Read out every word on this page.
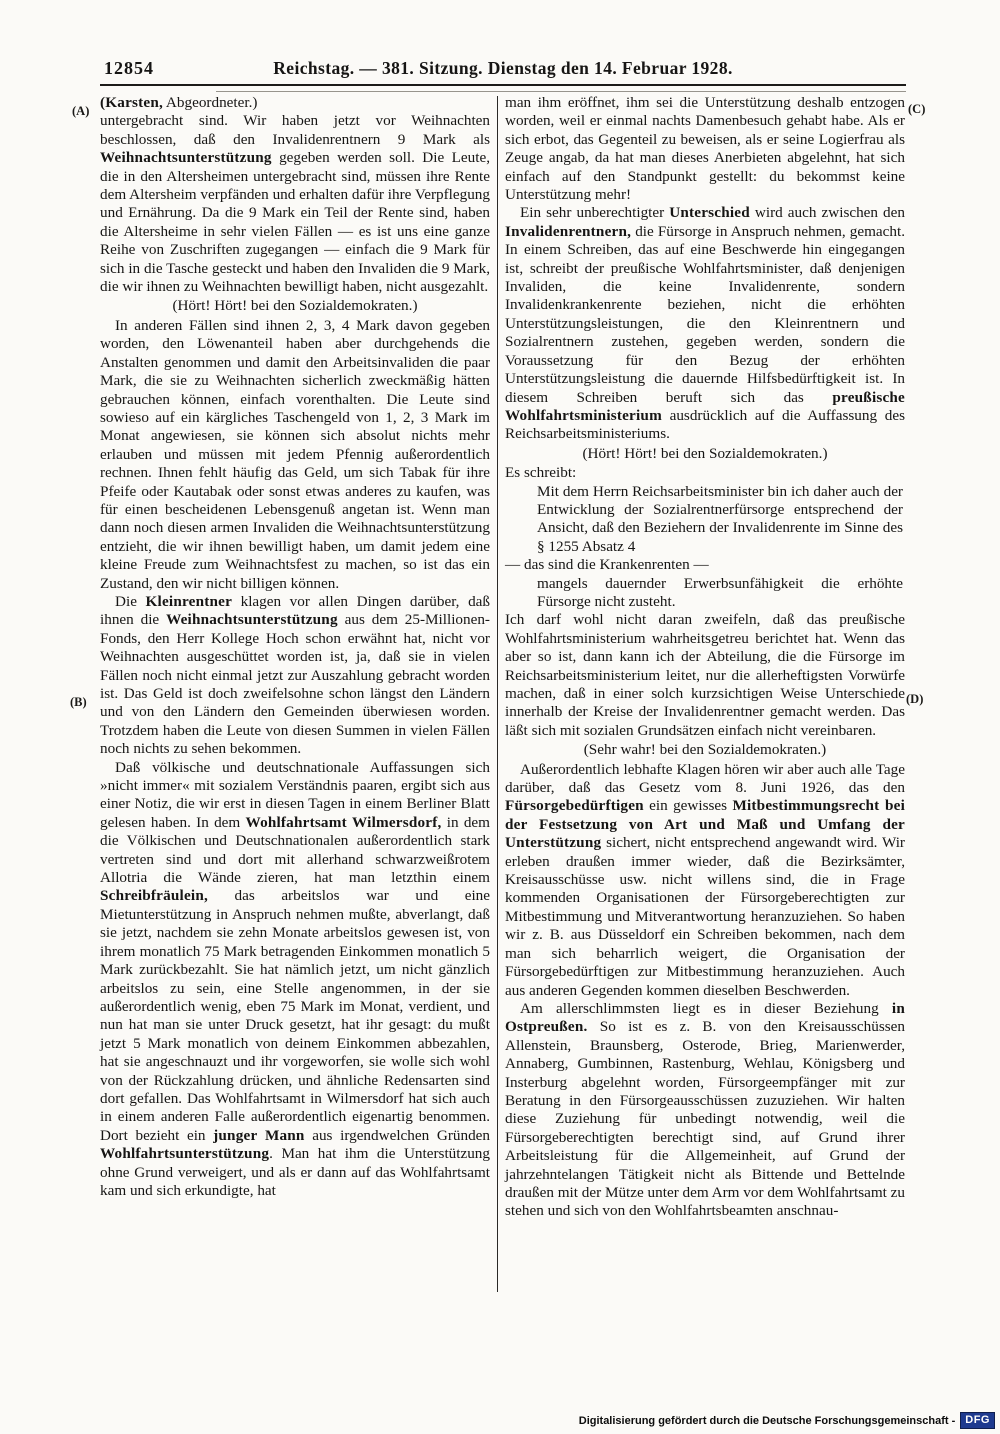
12854	Reichstag. — 381. Sitzung. Dienstag den 14. Februar 1928.
(A)
(B)
(C)
(D)

(Karsten, Abgeordneter.)

untergebracht sind. Wir haben jetzt vor Weihnachten beschlossen, daß den Invalidenrentnern 9 Mark als Weihnachtsunterstützung gegeben werden soll. Die Leute, die in den Altersheimen untergebracht sind, müssen ihre Rente dem Altersheim verpfänden und erhalten dafür ihre Verpflegung und Ernährung. Da die 9 Mark ein Teil der Rente sind, haben die Altersheime in sehr vielen Fällen — es ist uns eine ganze Reihe von Zuschriften zugegangen — einfach die 9 Mark für sich in die Tasche gesteckt und haben den Invaliden die 9 Mark, die wir ihnen zu Weihnachten bewilligt haben, nicht ausgezahlt.

(Hört! Hört! bei den Sozialdemokraten.)

In anderen Fällen sind ihnen 2, 3, 4 Mark davon gegeben worden, den Löwenanteil haben aber durchgehends die Anstalten genommen und damit den Arbeitsinvaliden die paar Mark, die sie zu Weihnachten sicherlich zweckmäßig hätten gebrauchen können, einfach vorenthalten. Die Leute sind sowieso auf ein kärgliches Taschengeld von 1, 2, 3 Mark im Monat angewiesen, sie können sich absolut nichts mehr erlauben und müssen mit jedem Pfennig außerordentlich rechnen. Ihnen fehlt häufig das Geld, um sich Tabak für ihre Pfeife oder Kautabak oder sonst etwas anderes zu kaufen, was für einen bescheidenen Lebensgenuß angetan ist. Wenn man dann noch diesen armen Invaliden die Weihnachtsunterstützung entzieht, die wir ihnen bewilligt haben, um damit jedem eine kleine Freude zum Weihnachtsfest zu machen, so ist das ein Zustand, den wir nicht billigen können.

Die Kleinrentner klagen vor allen Dingen darüber, daß ihnen die Weihnachtsunterstützung aus dem 25-Millionen-Fonds, den Herr Kollege Hoch schon erwähnt hat, nicht vor Weihnachten ausgeschüttet worden ist, ja, daß sie in vielen Fällen noch nicht einmal jetzt zur Auszahlung gebracht worden ist. Das Geld ist doch zweifelsohne schon längst den Ländern und von den Ländern den Gemeinden überwiesen worden. Trotzdem haben die Leute von diesen Summen in vielen Fällen noch nichts zu sehen bekommen.

Daß völkische und deutschnationale Auffassungen sich »nicht immer« mit sozialem Verständnis paaren, ergibt sich aus einer Notiz, die wir erst in diesen Tagen in einem Berliner Blatt gelesen haben. In dem Wohlfahrtsamt Wilmersdorf, in dem die Völkischen und Deutschnationalen außerordentlich stark vertreten sind und dort mit allerhand schwarzweißrotem Allotria die Wände zieren, hat man letzthin einem Schreibfräulein, das arbeitslos war und eine Mietunterstützung in Anspruch nehmen mußte, abverlangt, daß sie jetzt, nachdem sie zehn Monate arbeitslos gewesen ist, von ihrem monatlich 75 Mark betragenden Einkommen monatlich 5 Mark zurückbezahlt. Sie hat nämlich jetzt, um nicht gänzlich arbeitslos zu sein, eine Stelle angenommen, in der sie außerordentlich wenig, eben 75 Mark im Monat, verdient, und nun hat man sie unter Druck gesetzt, hat ihr gesagt: du mußt jetzt 5 Mark monatlich von deinem Einkommen abbezahlen, hat sie angeschnauzt und ihr vorgeworfen, sie wolle sich wohl von der Rückzahlung drücken, und ähnliche Redensarten sind dort gefallen. Das Wohlfahrtsamt in Wilmersdorf hat sich auch in einem anderen Falle außerordentlich eigenartig benommen. Dort bezieht ein junger Mann aus irgendwelchen Gründen Wohlfahrtsunterstützung. Man hat ihm die Unterstützung ohne Grund verweigert, und als er dann auf das Wohlfahrtsamt kam und sich erkundigte, hat

man ihm eröffnet, ihm sei die Unterstützung deshalb entzogen worden, weil er einmal nachts Damenbesuch gehabt habe. Als er sich erbot, das Gegenteil zu beweisen, als er seine Logierfrau als Zeuge angab, da hat man dieses Anerbieten abgelehnt, hat sich einfach auf den Standpunkt gestellt: du bekommst keine Unterstützung mehr!

Ein sehr unberechtigter Unterschied wird auch zwischen den Invalidenrentnern, die Fürsorge in Anspruch nehmen, gemacht. In einem Schreiben, das auf eine Beschwerde hin eingegangen ist, schreibt der preußische Wohlfahrtsminister, daß denjenigen Invaliden, die keine Invalidenrente, sondern Invalidenkrankenrente beziehen, nicht die erhöhten Unterstützungsleistungen, die den Kleinrentnern und Sozialrentnern zustehen, gegeben werden, sondern die Voraussetzung für den Bezug der erhöhten Unterstützungsleistung die dauernde Hilfsbedürftigkeit ist. In diesem Schreiben beruft sich das preußische Wohlfahrtsministerium ausdrücklich auf die Auffassung des Reichsarbeitsministeriums.

(Hört! Hört! bei den Sozialdemokraten.)

Es schreibt:

Mit dem Herrn Reichsarbeitsminister bin ich daher auch der Entwicklung der Sozialrentnerfürsorge entsprechend der Ansicht, daß den Beziehern der Invalidenrente im Sinne des § 1255 Absatz 4

— das sind die Krankenrenten —

mangels dauernder Erwerbsunfähigkeit die erhöhte Fürsorge nicht zusteht.

Ich darf wohl nicht daran zweifeln, daß das preußische Wohlfahrtsministerium wahrheitsgetreu berichtet hat. Wenn das aber so ist, dann kann ich der Abteilung, die die Fürsorge im Reichsarbeitsministerium leitet, nur die allerheftigsten Vorwürfe machen, daß in einer solch kurzsichtigen Weise Unterschiede innerhalb der Kreise der Invalidenrentner gemacht werden. Das läßt sich mit sozialen Grundsätzen einfach nicht vereinbaren.

(Sehr wahr! bei den Sozialdemokraten.)

Außerordentlich lebhafte Klagen hören wir aber auch alle Tage darüber, daß das Gesetz vom 8. Juni 1926, das den Fürsorgebedürftigen ein gewisses Mitbestimmungsrecht bei der Festsetzung von Art und Maß und Umfang der Unterstützung sichert, nicht entsprechend angewandt wird. Wir erleben draußen immer wieder, daß die Bezirksämter, Kreisausschüsse usw. nicht willens sind, die in Frage kommenden Organisationen der Fürsorgeberechtigten zur Mitbestimmung und Mitverantwortung heranzuziehen. So haben wir z. B. aus Düsseldorf ein Schreiben bekommen, nach dem man sich beharrlich weigert, die Organisation der Fürsorgebedürftigen zur Mitbestimmung heranzuziehen. Auch aus anderen Gegenden kommen dieselben Beschwerden.

Am allerschlimmsten liegt es in dieser Beziehung in Ostpreußen. So ist es z. B. von den Kreisausschüssen Allenstein, Braunsberg, Osterode, Brieg, Marienwerder, Annaberg, Gumbinnen, Rastenburg, Wehlau, Königsberg und Insterburg abgelehnt worden, Fürsorgeempfänger mit zur Beratung in den Fürsorgeausschüssen zuzuziehen. Wir halten diese Zuziehung für unbedingt notwendig, weil die Fürsorgeberechtigten berechtigt sind, auf Grund ihrer Arbeitsleistung für die Allgemeinheit, auf Grund der jahrzehntelangen Tätigkeit nicht als Bittende und Bettelnde draußen mit der Mütze unter dem Arm vor dem Wohlfahrtsamt zu stehen und sich von den Wohlfahrtsbeamten anschnau-

Digitalisierung gefördert durch die Deutsche Forschungsgemeinschaft - DFG
